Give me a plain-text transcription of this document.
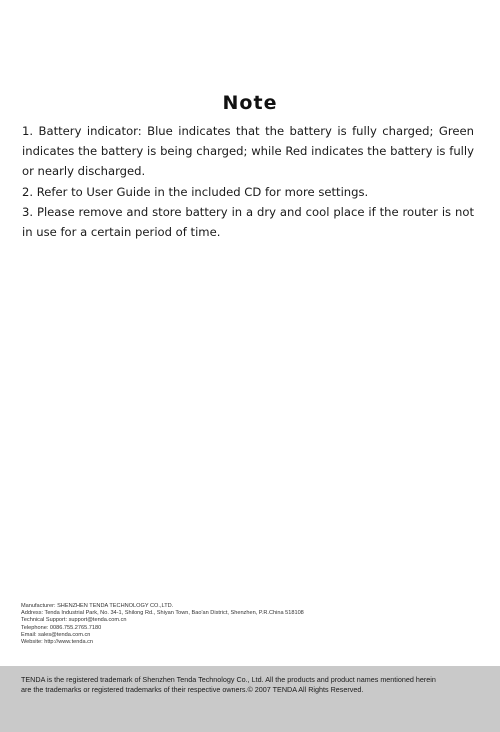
Note

1. Battery indicator: Blue indicates that the battery is fully charged; Green indicates the battery is being charged; while Red indicates the battery is fully or nearly discharged.

2. Refer to User Guide in the included CD for more settings.

3. Please remove and store battery in a dry and cool place if the router is not in use for a certain period of time.

Manufacturer: SHENZHEN TENDA TECHNOLOGY CO.,LTD.
Address: Tenda Industrial Park, No. 34-1, Shilong Rd., Shiyan Town, Bao'an District, Shenzhen, P.R.China 518108
Technical Support: support@tenda.com.cn
Telephone: 0086.755.2765.7180
Email: sales@tenda.com.cn
Website: http://www.tenda.cn
TENDA is the registered trademark of Shenzhen Tenda Technology Co., Ltd. All the products and product names mentioned herein
are the trademarks or registered trademarks of their respective owners.© 2007 TENDA All Rights Reserved.
